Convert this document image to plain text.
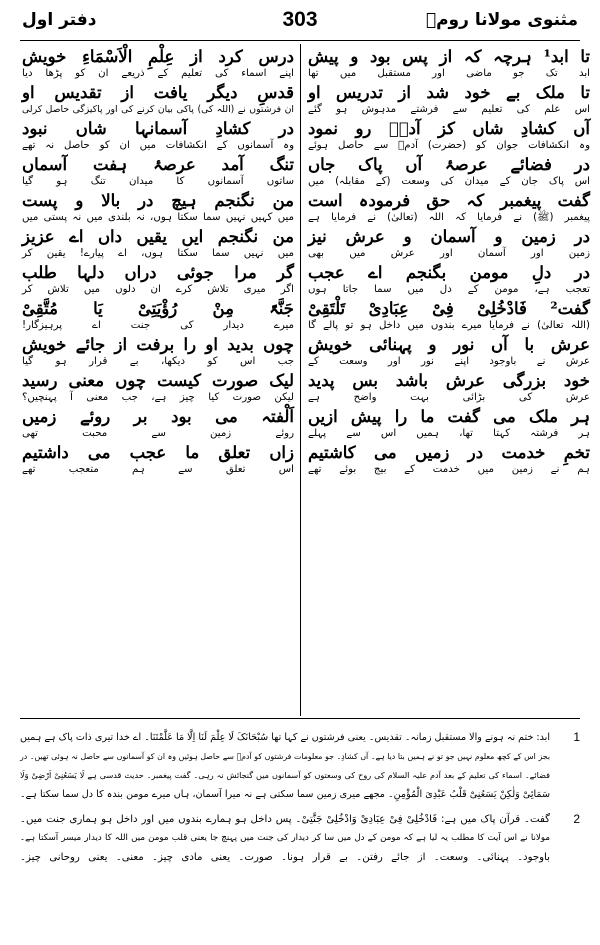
دفتر اول	303	مثنوی مولانا رومؒ
تا ابد¹ ہرچہ کہ از پس بود و پیش
ابد تک جو ماضی اور مستقبل میں تھا
تا ملک بے خود شد از تدریس او
اس علم کی تعلیم سے فرشتے مدہوش ہو گئے
آں کشادِ شاں کز آدمؑ رو نمود
وہ انکشافات جوان کو (حضرت) آدمؑ سے حاصل ہوئے
در فضائے عرصۂ آں پاک جاں
اس پاک جان کے میدان کی وسعت (کے مقابلہ) میں
گفت پیغمبر کہ حق فرمودہ است
پیغمبر (ﷺ) نے فرمایا کہ اللہ (تعالیٰ) نے فرمایا ہے
در زمین و آسمان و عرش نیز
زمین اور آسمان اور عرش میں بھی
در دلِ مومن بگنجم اے عجب
تعجب ہے، مومن کے دل میں سما جاتا ہوں
گفت² فَادْخُلِیْ فِیْ عِبَادِیْ تَلْتَقِیْ
(اللہ تعالیٰ) نے فرمایا میرے بندوں میں داخل ہو تو پالے گا
عرش با آں نور و پہنائی خویش
عرش نے باوجود اپنے نور اور وسعت کے
خود بزرگی عرش باشد بس پدید
عرش کی بڑائی بہت واضح ہے
ہر ملک می گفت ما را پیش ازیں
ہر فرشتہ کہتا تھا، ہمیں اس سے پہلے
تخمِ خدمت در زمیں می کاشتیم
ہم نے زمین میں خدمت کے بیج بوئے تھے
درس کرد از عِلْمِ الْاَسْمَاءِ خویش
اپنے اسماء کی تعلیم کے ذریعے ان کو پڑھا دیا
قدسِ دیگر یافت از تقدیس او
ان فرشتوں نے (اللہ کی) پاکی بیان کرنے کی اور پاکیزگی حاصل کرلی
در کشادِ آسمانہا شاں نبود
وہ آسمانوں کے انکشافات میں ان کو حاصل نہ تھے
تنگ آمد عرصۂ ہفت آسماں
ساتوں آسمانوں کا میدان تنگ ہو گیا
من نگنجم ہیچ در بالا و پست
میں کہیں نہیں سما سکتا ہوں، نہ بلندی میں نہ پستی میں
من نگنجم ایں یقیں داں اے عزیز
میں نہیں سما سکتا ہوں، اے پیارے! یقین کر
گر مرا جوئی دراں دلہا طلب
اگر میری تلاش کرے ان دلوں میں تلاش کر
جَنَّۃً مِنْ رُؤْیَتِیْ یَا مُتَّقِیْ
میرے دیدار کی جنت اے پرہیزگار!
چوں بدید او را برفت از جائے خویش
جب اس کو دیکھا، بے قرار ہو گیا
لیک صورت کیست چوں معنی رسید
لیکن صورت کیا چیز ہے، جب معنی آ پہنچیں؟
اَلْفتہ می بود بر روئے زمیں
روئے زمین سے محبت تھی
زاں تعلق ما عجب می داشتیم
اس تعلق سے ہم متعجب تھے
1
ابد: ختم نہ ہونے والا مستقبل زمانہ۔ تقدیس۔ یعنی فرشتوں نے کہا تھا سُبْحَانَکَ لَا عِلْمَ لَنَا اِلَّا مَا عَلَّمْتَنَا۔ اے خدا تیری ذات پاک ہے ہمیں
بجز اس کے کچھ معلوم نہیں جو تو نے ہمیں بتا دیا ہے۔ آں کشادِ۔ جو معلومات فرشتوں کو آدمؑ سے حاصل ہوئیں وہ ان کو آسمانوں سے حاصل نہ ہوئی تھیں۔ در
فضائے۔ اسماء کی تعلیم کے بعد آدم علیہ السلام کی روح کی وسعتوں کو آسمانوں میں گنجائش نہ رہی۔ گفت پیغمبر۔ حدیث قدسی ہے لَا یَسَعُنِیْ اَرْضِیْ وَلَا
سَمَائِیْ وَلٰکِنْ یَسَعُنِیْ قَلْبُ عَبْدِیَ الْمُؤْمِنِ۔ مجھے میری زمین سما سکتی ہے نہ میرا آسمان، ہاں میرے مومن بندہ کا دل سما سکتا ہے۔
2
گفت۔ قرآن پاک میں ہے: فَادْخُلِیْ فِیْ عِبَادِیْ وَادْخُلِیْ جَنَّتِیْ۔ پس داخل ہو ہمارے بندوں میں اور داخل ہو ہماری جنت میں۔
مولانا نے اس آیت کا مطلب یہ لیا ہے کہ مومن کے دل میں سا کر دیدار کی جنت میں پہنچ جا یعنی قلب مومن میں اللہ کا دیدار میسر آسکتا ہے۔
باوجود۔ پہنائی۔ وسعت۔ از جائے رفتن۔ بے قرار ہونا۔ صورت۔ یعنی مادی چیز۔ معنی۔ یعنی روحانی چیز۔
